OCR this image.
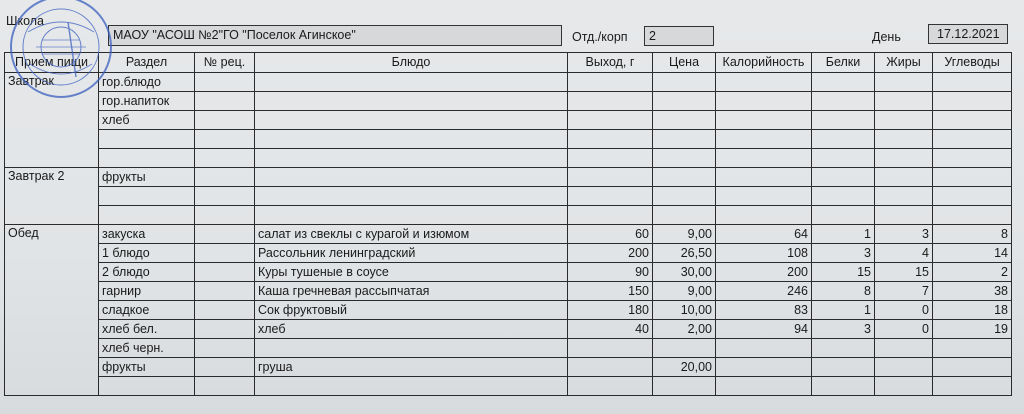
Школа
МАОУ "АСОШ №2"ГО "Поселок Агинское"	Отд./корп 2	День	17.12.2021
Прием пищи	Раздел	№ рец.	Блюдо	Выход, г	Цена	Калорийность	Белки	Жиры	Углеводы
Завтрак	гор.блюдо								
	гор.напиток								
	хлеб								

Завтрак 2	фрукты								

Обед	закуска		салат из свеклы с курагой и изюмом	60	9,00	64	1	3	8
	1 блюдо		Рассольник ленинградский	200	26,50	108	3	4	14
	2 блюдо		Куры тушеные в соусе	90	30,00	200	15	15	2
	гарнир		Каша гречневая рассыпчатая	150	9,00	246	8	7	38
	сладкое		Сок фруктовый	180	10,00	83	1	0	18
	хлеб бел.		хлеб	40	2,00	94	3	0	19
	хлеб черн.								
	фрукты		груша		20,00				
